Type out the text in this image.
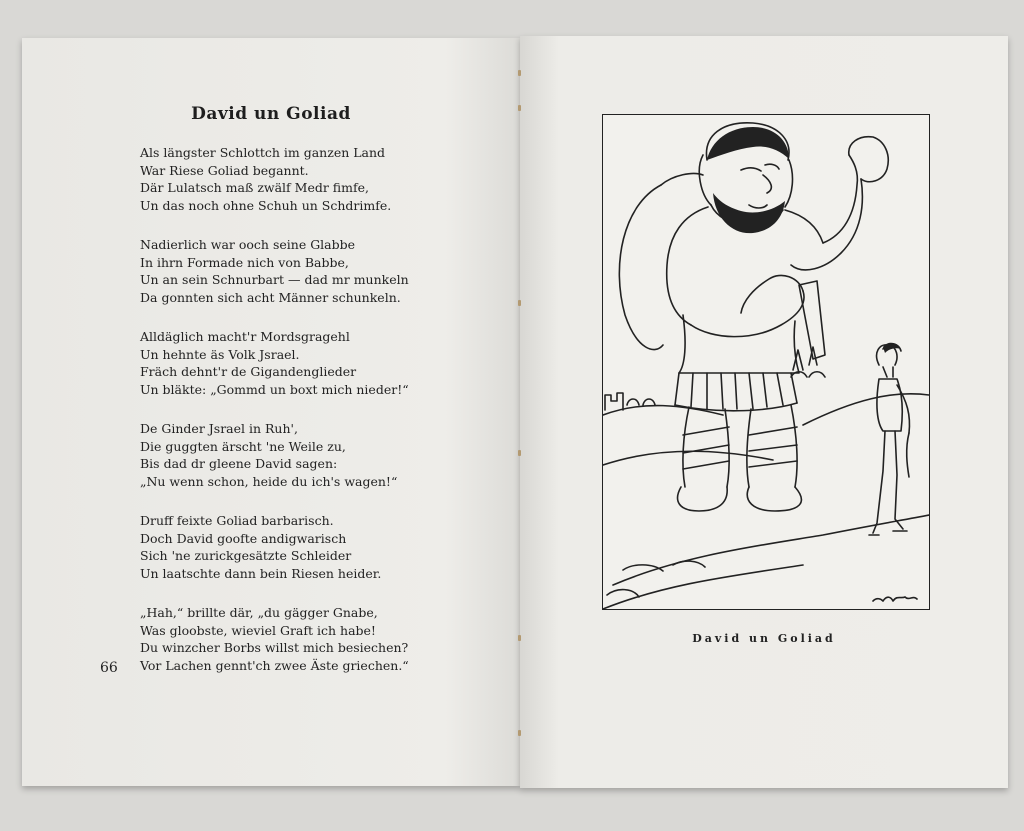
David un Goliad
Als längster Schlottch im ganzen Land
War Riese Goliad begannt.
Där Lulatsch maß zwälf Medr fimfe,
Un das noch ohne Schuh un Schdrimfe.
Nadierlich war ooch seine Glabbe
In ihrn Formade nich von Babbe,
Un an sein Schnurbart — dad mr munkeln
Da gonnten sich acht Männer schunkeln.
Alldäglich macht'r Mordsgragehl
Un hehnte äs Volk Jsrael.
Fräch dehnt'r de Gigandenglieder
Un bläkte: „Gommd un boxt mich nieder!“
De Ginder Jsrael in Ruh',
Die guggten ärscht 'ne Weile zu,
Bis dad dr gleene David sagen:
„Nu wenn schon, heide du ich's wagen!“
Druff feixte Goliad barbarisch.
Doch David goofte andigwarisch
Sich 'ne zurickgesätzte Schleider
Un laatschte dann bein Riesen heider.
„Hah,“ brillte där, „du gägger Gnabe,
Was gloobste, wieviel Graft ich habe!
Du winzcher Borbs willst mich besiechen?
Vor Lachen gennt'ch zwee Äste griechen.“
66
David un Goliad
